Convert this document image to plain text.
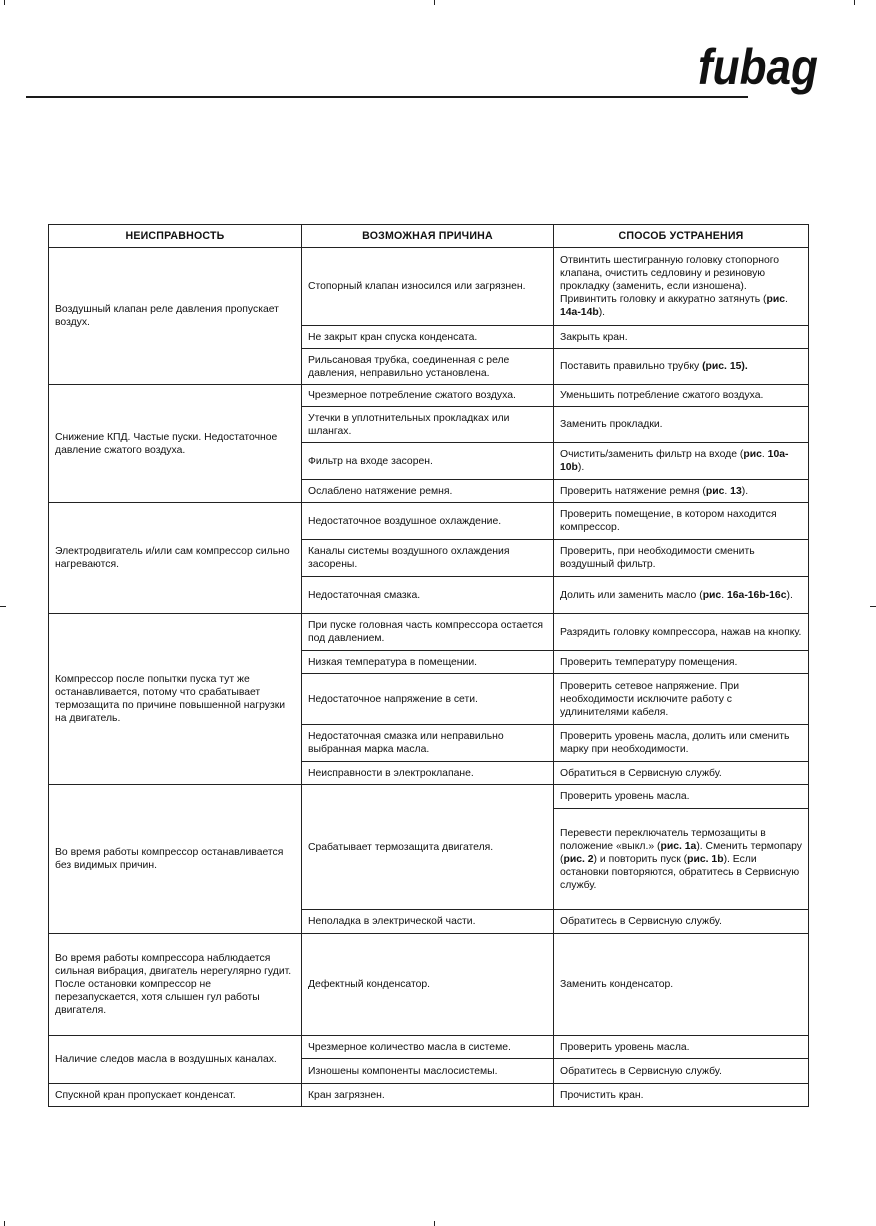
fubag
НЕИСПРАВНОСТЬ	ВОЗМОЖНАЯ ПРИЧИНА	СПОСОБ УСТРАНЕНИЯ
Воздушный клапан реле давления пропускает воздух.	Стопорный клапан износился или загрязнен.	Отвинтить шестигранную головку стопорного клапана, очистить седловину и резиновую прокладку (заменить, если изношена). Привинтить головку и аккуратно затянуть (рис. 14a-14b).
	Не закрыт кран спуска конденсата.	Закрыть кран.
	Рильсановая трубка, соединенная с реле давления, неправильно установлена.	Поставить правильно трубку (рис. 15).
Снижение КПД. Частые пуски. Недостаточное давление сжатого воздуха.	Чрезмерное потребление сжатого воздуха.	Уменьшить потребление сжатого воздуха.
	Утечки в уплотнительных прокладках или шлангах.	Заменить прокладки.
	Фильтр на входе засорен.	Очистить/заменить фильтр на входе (рис. 10a-10b).
	Ослаблено натяжение ремня.	Проверить натяжение ремня (рис. 13).
Электродвигатель и/или сам компрессор сильно нагреваются.	Недостаточное воздушное охлаждение.	Проверить помещение, в котором находится компрессор.
	Каналы системы воздушного охлаждения засорены.	Проверить, при необходимости сменить воздушный фильтр.
	Недостаточная смазка.	Долить или заменить масло (рис. 16a-16b-16c).
Компрессор после попытки пуска тут же останавливается, потому что срабатывает термозащита по причине повышенной нагрузки на двигатель.	При пуске головная часть компрессора остается под давлением.	Разрядить головку компрессора, нажав на кнопку.
	Низкая температура в помещении.	Проверить температуру помещения.
	Недостаточное напряжение в сети.	Проверить сетевое напряжение. При необходимости исключите работу с удлинителями кабеля.
	Недостаточная смазка или неправильно выбранная марка масла.	Проверить уровень масла, долить или сменить марку при необходимости.
	Неисправности в электроклапане.	Обратиться в Сервисную службу.
Во время работы компрессор останавливается без видимых причин.	Срабатывает термозащита двигателя.	Проверить уровень масла.
		Перевести переключатель термозащиты в положение «выкл.» (рис. 1a). Сменить термопару (рис. 2) и повторить пуск (рис. 1b). Если остановки повторяются, обратитесь в Сервисную службу.
	Неполадка в электрической части.	Обратитесь в Сервисную службу.
Во время работы компрессора наблюдается сильная вибрация, двигатель нерегулярно гудит. После остановки компрессор не перезапускается, хотя слышен гул работы двигателя.	Дефектный конденсатор.	Заменить конденсатор.
Наличие следов масла в воздушных каналах.	Чрезмерное количество масла в системе.	Проверить уровень масла.
	Изношены компоненты маслосистемы.	Обратитесь в Сервисную службу.
Спускной кран пропускает конденсат.	Кран загрязнен.	Прочистить кран.
